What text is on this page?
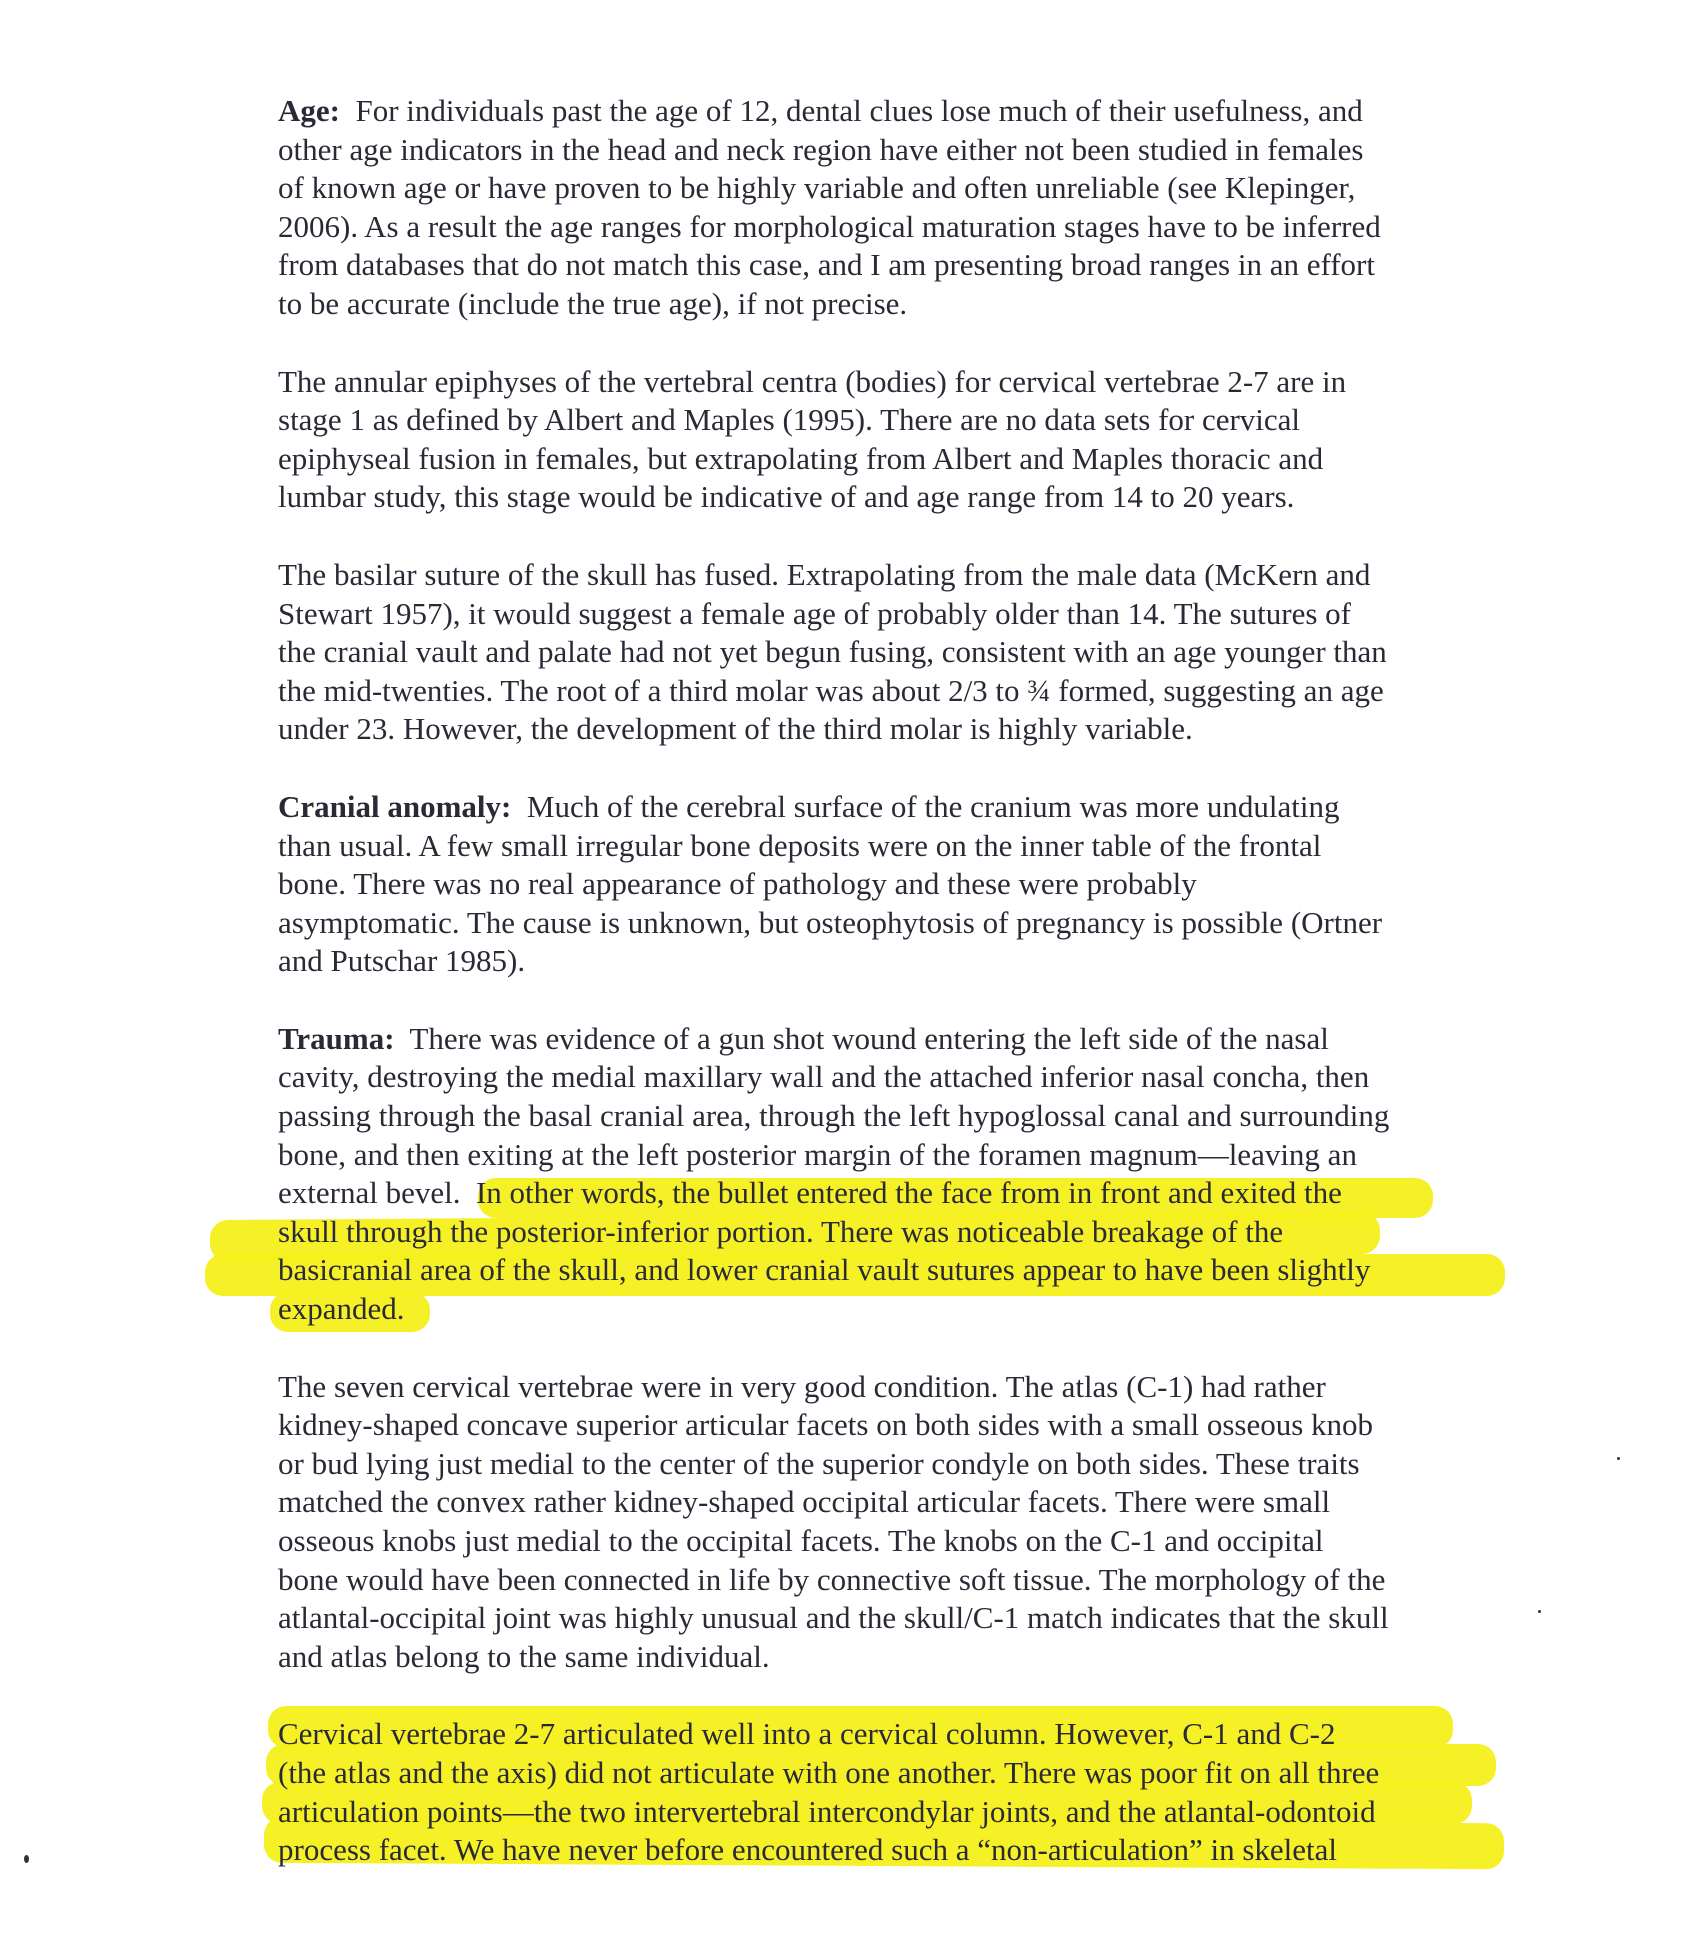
Age: For individuals past the age of 12, dental clues lose much of their usefulness, and
other age indicators in the head and neck region have either not been studied in females
of known age or have proven to be highly variable and often unreliable (see Klepinger,
2006). As a result the age ranges for morphological maturation stages have to be inferred
from databases that do not match this case, and I am presenting broad ranges in an effort
to be accurate (include the true age), if not precise.
The annular epiphyses of the vertebral centra (bodies) for cervical vertebrae 2-7 are in
stage 1 as defined by Albert and Maples (1995). There are no data sets for cervical
epiphyseal fusion in females, but extrapolating from Albert and Maples thoracic and
lumbar study, this stage would be indicative of and age range from 14 to 20 years.
The basilar suture of the skull has fused. Extrapolating from the male data (McKern and
Stewart 1957), it would suggest a female age of probably older than 14. The sutures of
the cranial vault and palate had not yet begun fusing, consistent with an age younger than
the mid-twenties. The root of a third molar was about 2/3 to ¾ formed, suggesting an age
under 23. However, the development of the third molar is highly variable.
Cranial anomaly: Much of the cerebral surface of the cranium was more undulating
than usual. A few small irregular bone deposits were on the inner table of the frontal
bone. There was no real appearance of pathology and these were probably
asymptomatic. The cause is unknown, but osteophytosis of pregnancy is possible (Ortner
and Putschar 1985).
Trauma: There was evidence of a gun shot wound entering the left side of the nasal
cavity, destroying the medial maxillary wall and the attached inferior nasal concha, then
passing through the basal cranial area, through the left hypoglossal canal and surrounding
bone, and then exiting at the left posterior margin of the foramen magnum—leaving an
external bevel. In other words, the bullet entered the face from in front and exited the
skull through the posterior-inferior portion. There was noticeable breakage of the
basicranial area of the skull, and lower cranial vault sutures appear to have been slightly
expanded.
The seven cervical vertebrae were in very good condition. The atlas (C-1) had rather
kidney-shaped concave superior articular facets on both sides with a small osseous knob
or bud lying just medial to the center of the superior condyle on both sides. These traits
matched the convex rather kidney-shaped occipital articular facets. There were small
osseous knobs just medial to the occipital facets. The knobs on the C-1 and occipital
bone would have been connected in life by connective soft tissue. The morphology of the
atlantal-occipital joint was highly unusual and the skull/C-1 match indicates that the skull
and atlas belong to the same individual.
Cervical vertebrae 2-7 articulated well into a cervical column. However, C-1 and C-2
(the atlas and the axis) did not articulate with one another. There was poor fit on all three
articulation points—the two intervertebral intercondylar joints, and the atlantal-odontoid
process facet. We have never before encountered such a “non-articulation” in skeletal
